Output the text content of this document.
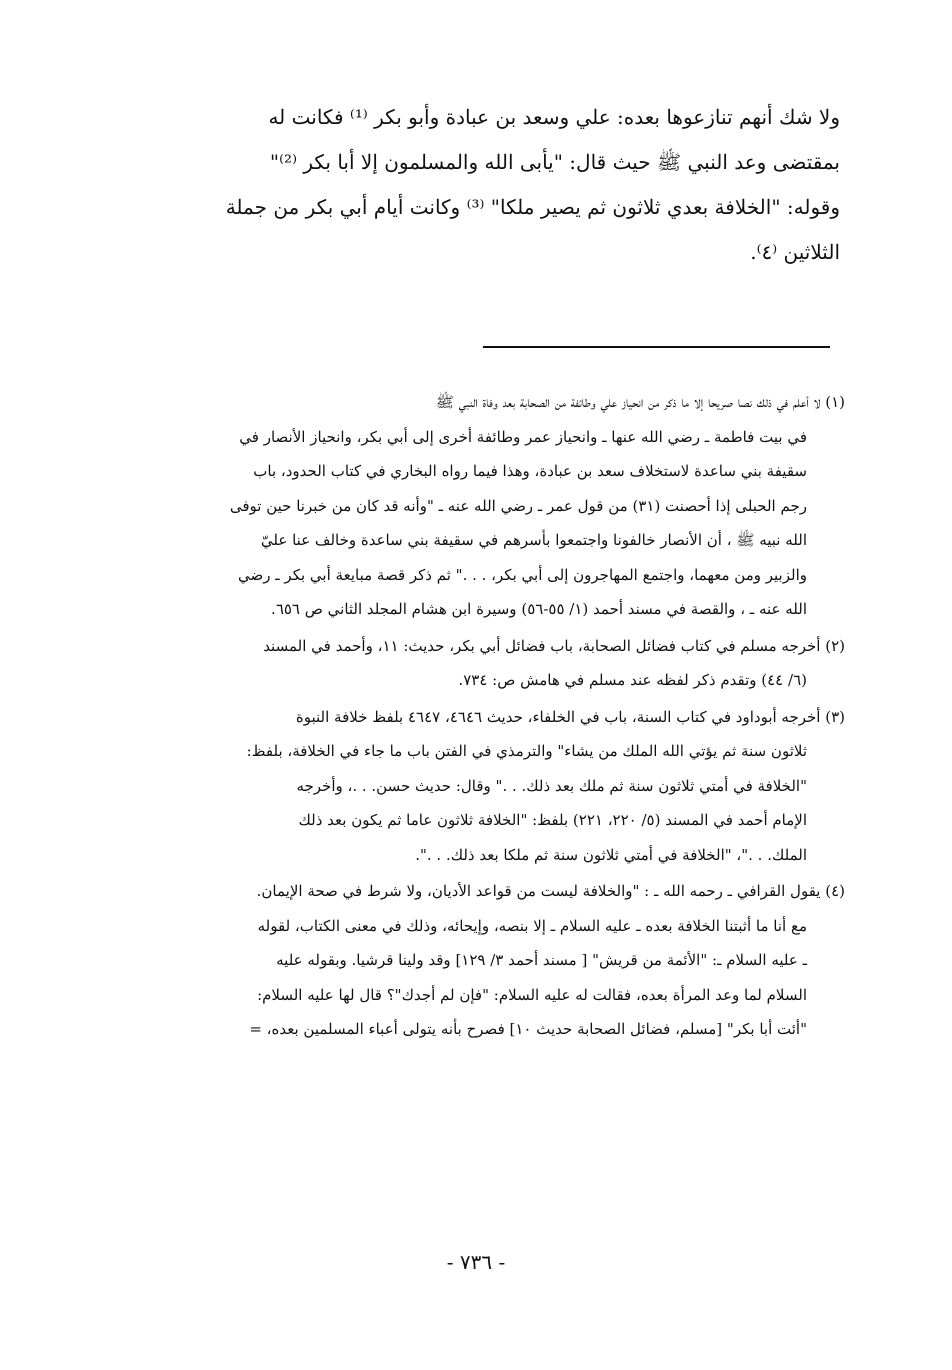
ولا شك أنهم تنازعوها بعده: علي وسعد بن عبادة وأبو بكر ⁽¹⁾ فكانت له
بمقتضى وعد النبي ﷺ حيث قال: "يأبى الله والمسلمون إلا أبا بكر ⁽²⁾"
وقوله: "الخلافة بعدي ثلاثون ثم يصير ملكا" ⁽³⁾ وكانت أيام أبي بكر من جملة
الثلاثين ⁽٤⁾.
(١) لا أعلم في ذلك نصا صريحا إلا ما ذكر من انحياز علي وطائفة من الصحابة بعد وفاة النبي ﷺ
في بيت فاطمة ـ رضي الله عنها ـ وانحياز عمر وطائفة أخرى إلى أبي بكر، وانحياز الأنصار في
سقيفة بني ساعدة لاستخلاف سعد بن عبادة، وهذا فيما رواه البخاري في كتاب الحدود، باب
رجم الحبلى إذا أحصنت (٣١) من قول عمر ـ رضي الله عنه ـ "وأنه قد كان من خبرنا حين توفى
الله نبيه ﷺ ، أن الأنصار خالفونا واجتمعوا بأسرهم في سقيفة بني ساعدة وخالف عنا عليّ
والزبير ومن معهما، واجتمع المهاجرون إلى أبي بكر، . . ." ثم ذكر قصة مبايعة أبي بكر ـ رضي
الله عنه ـ ، والقصة في مسند أحمد (١/ ٥٥-٥٦) وسيرة ابن هشام المجلد الثاني ص ٦٥٦.
(٢) أخرجه مسلم في كتاب فضائل الصحابة، باب فضائل أبي بكر، حديث: ١١، وأحمد في المسند
(٦/ ٤٤) وتقدم ذكر لفظه عند مسلم في هامش ص: ٧٣٤.
(٣) أخرجه أبوداود في كتاب السنة، باب في الخلفاء، حديث ٤٦٤٦، ٤٦٤٧ بلفظ خلافة النبوة
ثلاثون سنة ثم يؤتي الله الملك من يشاء" والترمذي في الفتن باب ما جاء في الخلافة، بلفظ:
"الخلافة في أمتي ثلاثون سنة ثم ملك بعد ذلك. . ." وقال: حديث حسن. . .، وأخرجه
الإمام أحمد في المسند (٥/ ٢٢٠، ٢٢١) بلفظ: "الخلافة ثلاثون عاما ثم يكون بعد ذلك
الملك. . ."، "الخلافة في أمتي ثلاثون سنة ثم ملكا بعد ذلك. . .".
(٤) يقول القرافي ـ رحمه الله ـ : "والخلافة ليست من قواعد الأديان، ولا شرط في صحة الإيمان.
مع أنا ما أثبتنا الخلافة بعده ـ عليه السلام ـ إلا بنصه، وإيحائه، وذلك في معنى الكتاب، لقوله
ـ عليه السلام ـ: "الأئمة من قريش" [ مسند أحمد ٣/ ١٢٩] وقد ولينا قرشيا. وبقوله عليه
السلام لما وعد المرأة بعده، فقالت له عليه السلام: "فإن لم أجدك"؟ قال لها عليه السلام:
"أئت أبا بكر" [مسلم، فضائل الصحابة حديث ١٠] فصرح بأنه يتولى أعباء المسلمين بعده، =
- ٧٣٦ -
